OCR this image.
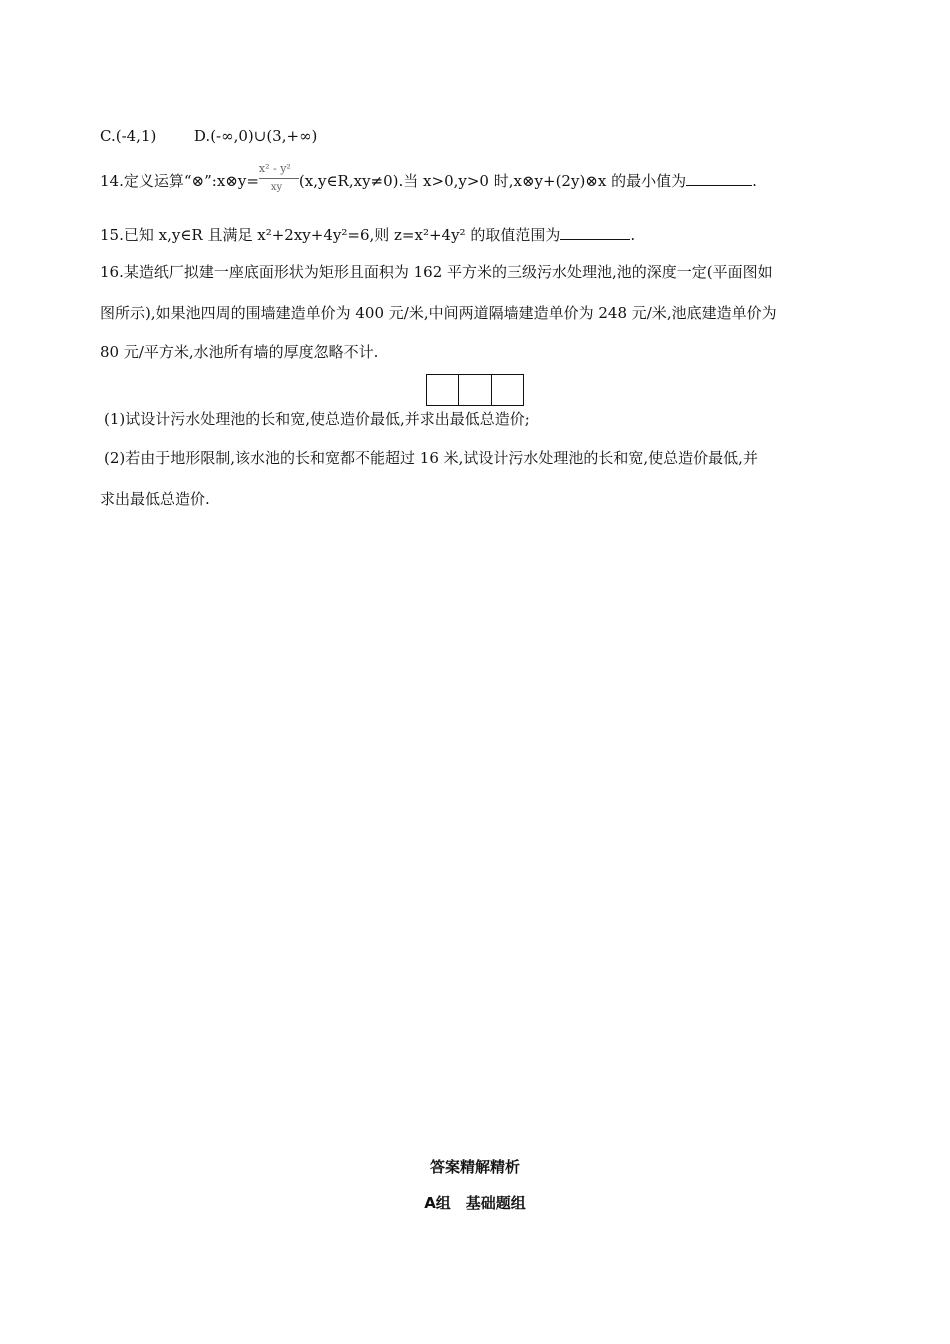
C.(-4,1)	D.(-∞,0)∪(3,+∞)
14.定义运算“⊗”:x⊗y= $\frac{\text{x² - y²}}{xy}$ (x,y∈R,xy≠0).当 x>0,y>0 时,x⊗y+(2y)⊗x 的最小值为	.
15.已知 x,y∈R 且满足 x²+2xy+4y²=6,则 z=x²+4y² 的取值范围为	.
16.某造纸厂拟建一座底面形状为矩形且面积为 162 平方米的三级污水处理池,池的深度一定(平面图如
图所示),如果池四周的围墙建造单价为 400 元/米,中间两道隔墙建造单价为 248 元/米,池底建造单价为
80 元/平方米,水池所有墙的厚度忽略不计.
(1)试设计污水处理池的长和宽,使总造价最低,并求出最低总造价;
(2)若由于地形限制,该水池的长和宽都不能超过 16 米,试设计污水处理池的长和宽,使总造价最低,并
求出最低总造价.
答案精解精析
A组　基础题组
